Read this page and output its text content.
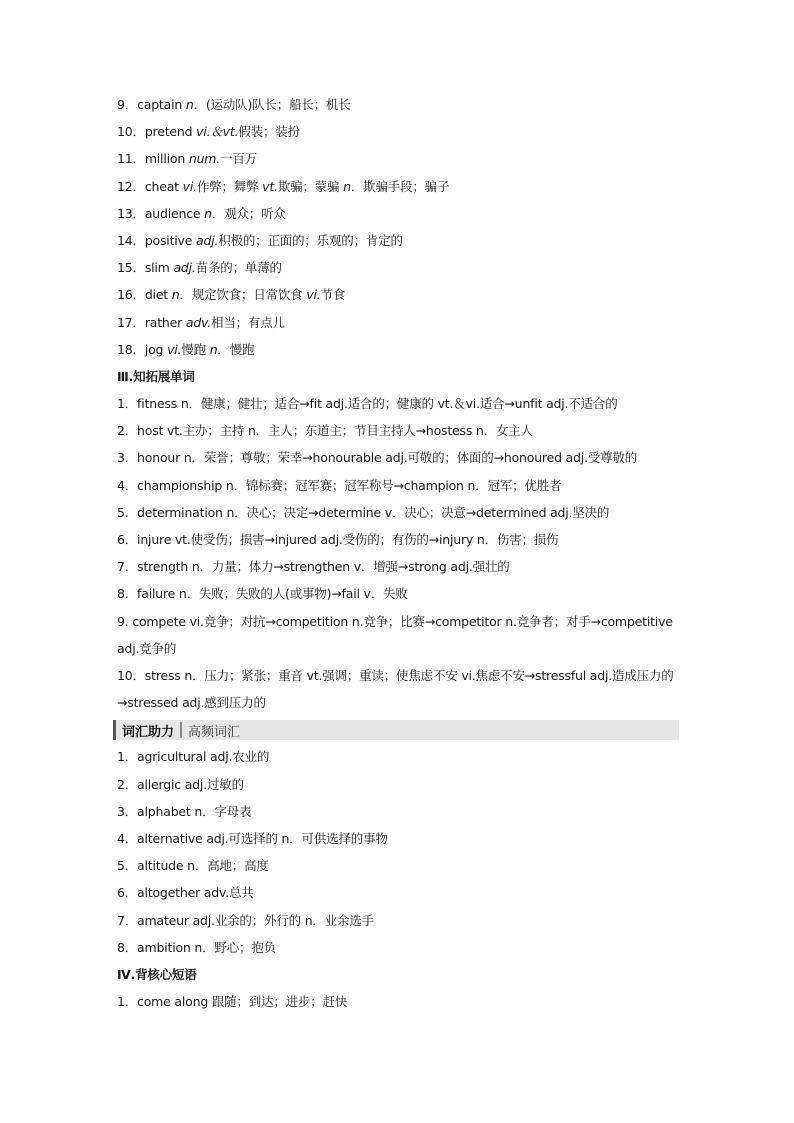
9．captain n．(运动队)队长；船长；机长
10．pretend vi.＆vt.假装；装扮
11．million num.一百万
12．cheat vi.作弊；舞弊 vt.欺骗；蒙骗 n．欺骗手段；骗子
13．audience n．观众；听众
14．positive adj.积极的；正面的；乐观的；肯定的
15．slim adj.苗条的；单薄的
16．diet n．规定饮食；日常饮食 vi.节食
17．rather adv.相当；有点儿
18．jog vi.慢跑 n．慢跑
Ⅲ.知拓展单词
1．fitness n．健康；健壮；适合→fit adj.适合的；健康的 vt.＆vi.适合→unfit adj.不适合的
2．host vt.主办；主持 n．主人；东道主；节目主持人→hostess n．女主人
3．honour n．荣誉；尊敬；荣幸→honourable adj.可敬的；体面的→honoured adj.受尊敬的
4．championship n．锦标赛；冠军赛；冠军称号→champion n．冠军；优胜者
5．determination n．决心；决定→determine v．决心；决意→determined adj.坚决的
6．injure vt.使受伤；损害→injured adj.受伤的；有伤的→injury n．伤害；损伤
7．strength n．力量；体力→strengthen v．增强→strong adj.强壮的
8．failure n．失败；失败的人(或事物)→fail v．失败
9. compete vi.竞争；对抗→competition n.竞争；比赛→competitor n.竞争者；对手→competitive adj.竞争的
10．stress n．压力；紧张；重音 vt.强调；重读；使焦虑不安 vi.焦虑不安→stressful adj.造成压力的→stressed adj.感到压力的
词汇助力	高频词汇
1．agricultural adj.农业的
2．allergic adj.过敏的
3．alphabet n．字母表
4．alternative adj.可选择的 n．可供选择的事物
5．altitude n．高地；高度
6．altogether adv.总共
7．amateur adj.业余的；外行的 n．业余选手
8．ambition n．野心；抱负
Ⅳ.背核心短语
1．come along 跟随；到达；进步；赶快
